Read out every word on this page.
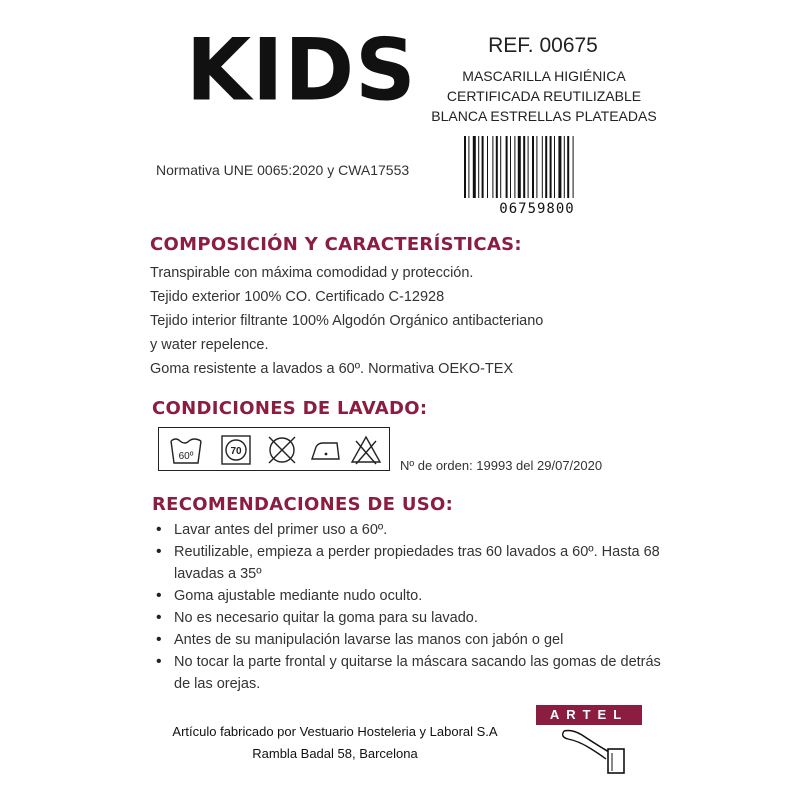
KIDS	REF. 00675
MASCARILLA HIGIÉNICA
CERTIFICADA REUTILIZABLE
BLANCA ESTRELLAS PLATEADAS
Normativa UNE 0065:2020 y CWA17553
06759800
COMPOSICIÓN Y CARACTERÍSTICAS:
Transpirable con máxima comodidad y protección.
Tejido exterior 100% CO. Certificado C-12928
Tejido interior filtrante 100% Algodón Orgánico antibacteriano
y water repelence.
Goma resistente a lavados a 60º. Normativa OEKO-TEX
CONDICIONES DE LAVADO:
60º	70
Nº de orden: 19993 del 29/07/2020
RECOMENDACIONES DE USO:
• Lavar antes del primer uso a 60º.
• Reutilizable, empieza a perder propiedades tras 60 lavados a 60º. Hasta 68 lavadas a 35º
• Goma ajustable mediante nudo oculto.
• No es necesario quitar la goma para su lavado.
• Antes de su manipulación lavarse las manos con jabón o gel
• No tocar la parte frontal y quitarse la máscara sacando las gomas de detrás de las orejas.
Artículo fabricado por Vestuario Hosteleria y Laboral S.A
Rambla Badal 58, Barcelona
ARTEL
